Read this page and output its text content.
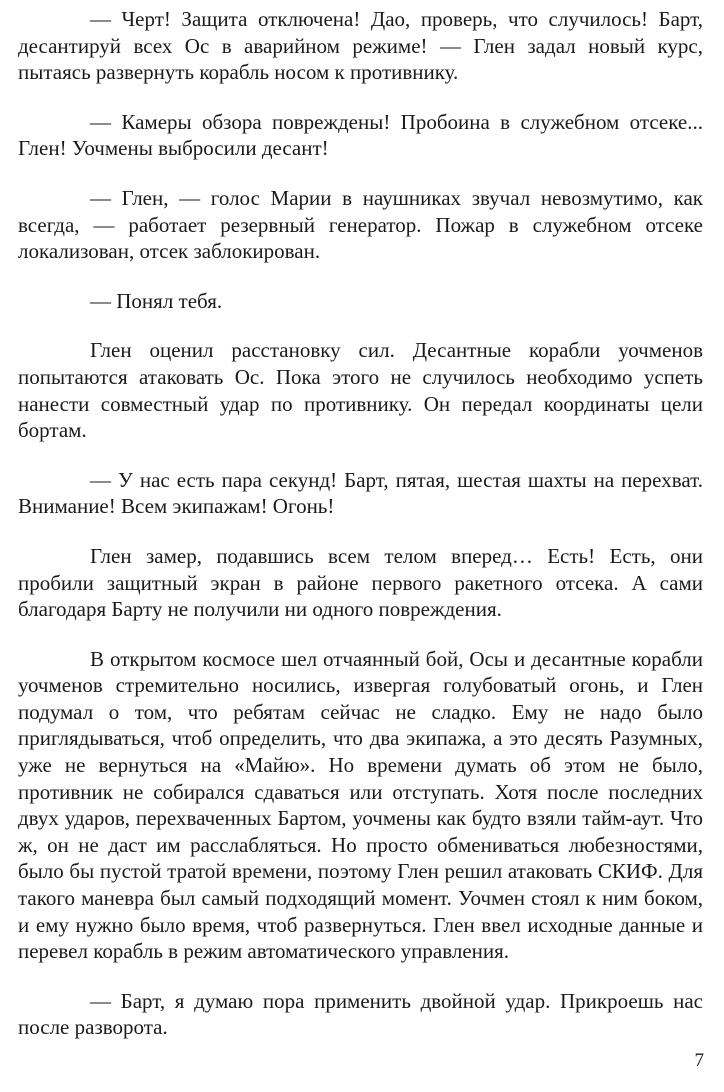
— Черт! Защита отключена! Дао, проверь, что случилось! Барт, десантируй всех Ос в аварийном режиме! — Глен задал новый курс, пытаясь развернуть корабль носом к противнику.

— Камеры обзора повреждены! Пробоина в служебном отсеке... Глен! Уочмены выбросили десант!

— Глен, — голос Марии в наушниках звучал невозмутимо, как всегда, — работает резервный генератор. Пожар в служебном отсеке локализован, отсек заблокирован.

— Понял тебя.

Глен оценил расстановку сил. Десантные корабли уочменов попытаются атаковать Ос. Пока этого не случилось необходимо успеть нанести совместный удар по противнику. Он передал координаты цели бортам.

— У нас есть пара секунд! Барт, пятая, шестая шахты на перехват. Внимание! Всем экипажам! Огонь!

Глен замер, подавшись всем телом вперед… Есть! Есть, они пробили защитный экран в районе первого ракетного отсека. А сами благодаря Барту не получили ни одного повреждения.

В открытом космосе шел отчаянный бой, Осы и десантные корабли уочменов стремительно носились, извергая голубоватый огонь, и Глен подумал о том, что ребятам сейчас не сладко. Ему не надо было приглядываться, чтоб определить, что два экипажа, а это десять Разумных, уже не вернуться на «Майю». Но времени думать об этом не было, противник не собирался сдаваться или отступать. Хотя после последних двух ударов, перехваченных Бартом, уочмены как будто взяли тайм-аут. Что ж, он не даст им расслабляться. Но просто обмениваться любезностями, было бы пустой тратой времени, поэтому Глен решил атаковать СКИФ. Для такого маневра был самый подходящий момент. Уочмен стоял к ним боком, и ему нужно было время, чтоб развернуться. Глен ввел исходные данные и перевел корабль в режим автоматического управления.

— Барт, я думаю пора применить двойной удар. Прикроешь нас после разворота.

7
